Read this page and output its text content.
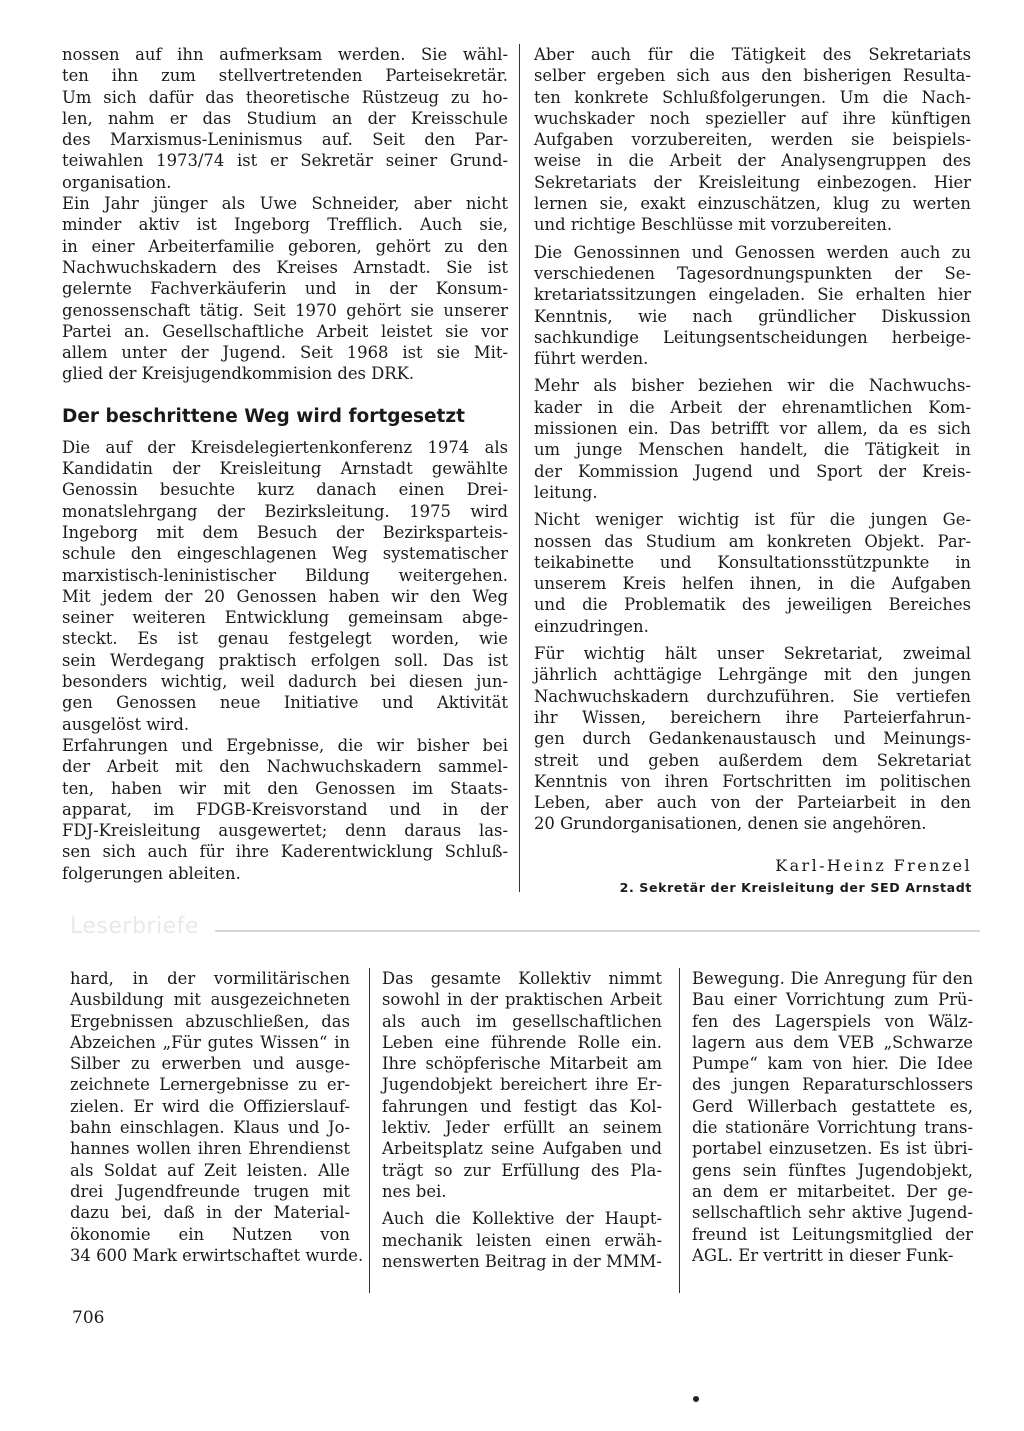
nossen auf ihn aufmerksam werden. Sie wähl-
ten ihn zum stellvertretenden Parteisekretär.
Um sich dafür das theoretische Rüstzeug zu ho-
len, nahm er das Studium an der Kreisschule
des Marxismus-Leninismus auf. Seit den Par-
teiwahlen 1973/74 ist er Sekretär seiner Grund-
organisation.

Ein Jahr jünger als Uwe Schneider, aber nicht
minder aktiv ist Ingeborg Trefflich. Auch sie,
in einer Arbeiterfamilie geboren, gehört zu den
Nachwuchskadern des Kreises Arnstadt. Sie ist
gelernte Fachverkäuferin und in der Konsum-
genossenschaft tätig. Seit 1970 gehört sie unserer
Partei an. Gesellschaftliche Arbeit leistet sie vor
allem unter der Jugend. Seit 1968 ist sie Mit-
glied der Kreisjugendkommision des DRK.

Der beschrittene Weg wird fortgesetzt

Die auf der Kreisdelegiertenkonferenz 1974 als
Kandidatin der Kreisleitung Arnstadt gewählte
Genossin besuchte kurz danach einen Drei-
monatslehrgang der Bezirksleitung. 1975 wird
Ingeborg mit dem Besuch der Bezirksparteis-
schule den eingeschlagenen Weg systematischer
marxistisch-leninistischer Bildung weitergehen.
Mit jedem der 20 Genossen haben wir den Weg
seiner weiteren Entwicklung gemeinsam abge-
steckt. Es ist genau festgelegt worden, wie
sein Werdegang praktisch erfolgen soll. Das ist
besonders wichtig, weil dadurch bei diesen jun-
gen Genossen neue Initiative und Aktivität
ausgelöst wird.

Erfahrungen und Ergebnisse, die wir bisher bei
der Arbeit mit den Nachwuchskadern sammel-
ten, haben wir mit den Genossen im Staats-
apparat, im FDGB-Kreisvorstand und in der
FDJ-Kreisleitung ausgewertet; denn daraus las-
sen sich auch für ihre Kaderentwicklung Schluß-
folgerungen ableiten.

Aber auch für die Tätigkeit des Sekretariats
selber ergeben sich aus den bisherigen Resulta-
ten konkrete Schlußfolgerungen. Um die Nach-
wuchskader noch spezieller auf ihre künftigen
Aufgaben vorzubereiten, werden sie beispiels-
weise in die Arbeit der Analysengruppen des
Sekretariats der Kreisleitung einbezogen. Hier
lernen sie, exakt einzuschätzen, klug zu werten
und richtige Beschlüsse mit vorzubereiten.

Die Genossinnen und Genossen werden auch zu
verschiedenen Tagesordnungspunkten der Se-
kretariatssitzungen eingeladen. Sie erhalten hier
Kenntnis, wie nach gründlicher Diskussion
sachkundige Leitungsentscheidungen herbeige-
führt werden.

Mehr als bisher beziehen wir die Nachwuchs-
kader in die Arbeit der ehrenamtlichen Kom-
missionen ein. Das betrifft vor allem, da es sich
um junge Menschen handelt, die Tätigkeit in
der Kommission Jugend und Sport der Kreis-
leitung.

Nicht weniger wichtig ist für die jungen Ge-
nossen das Studium am konkreten Objekt. Par-
teikabinette und Konsultationsstützpunkte in
unserem Kreis helfen ihnen, in die Aufgaben
und die Problematik des jeweiligen Bereiches
einzudringen.

Für wichtig hält unser Sekretariat, zweimal
jährlich achttägige Lehrgänge mit den jungen
Nachwuchskadern durchzuführen. Sie vertiefen
ihr Wissen, bereichern ihre Parteierfahrun-
gen durch Gedankenaustausch und Meinungs-
streit und geben außerdem dem Sekretariat
Kenntnis von ihren Fortschritten im politischen
Leben, aber auch von der Parteiarbeit in den
20 Grundorganisationen, denen sie angehören.

Karl-Heinz Frenzel
2. Sekretär der Kreisleitung der SED Arnstadt
Leserbriefe

hard, in der vormilitärischen
Ausbildung mit ausgezeichneten
Ergebnissen abzuschließen, das
Abzeichen „Für gutes Wissen“ in
Silber zu erwerben und ausge-
zeichnete Lernergebnisse zu er-
zielen. Er wird die Offizierslauf-
bahn einschlagen. Klaus und Jo-
hannes wollen ihren Ehrendienst
als Soldat auf Zeit leisten. Alle
drei Jugendfreunde trugen mit
dazu bei, daß in der Material-
ökonomie ein Nutzen von
34 600 Mark erwirtschaftet wurde.

Das gesamte Kollektiv nimmt
sowohl in der praktischen Arbeit
als auch im gesellschaftlichen
Leben eine führende Rolle ein.
Ihre schöpferische Mitarbeit am
Jugendobjekt bereichert ihre Er-
fahrungen und festigt das Kol-
lektiv. Jeder erfüllt an seinem
Arbeitsplatz seine Aufgaben und
trägt so zur Erfüllung des Pla-
nes bei.

Auch die Kollektive der Haupt-
mechanik leisten einen erwäh-
nenswerten Beitrag in der MMM-

Bewegung. Die Anregung für den
Bau einer Vorrichtung zum Prü-
fen des Lagerspiels von Wälz-
lagern aus dem VEB „Schwarze
Pumpe“ kam von hier. Die Idee
des jungen Reparaturschlossers
Gerd Willerbach gestattete es,
die stationäre Vorrichtung trans-
portabel einzusetzen. Es ist übri-
gens sein fünftes Jugendobjekt,
an dem er mitarbeitet. Der ge-
sellschaftlich sehr aktive Jugend-
freund ist Leitungsmitglied der
AGL. Er vertritt in dieser Funk-

706
